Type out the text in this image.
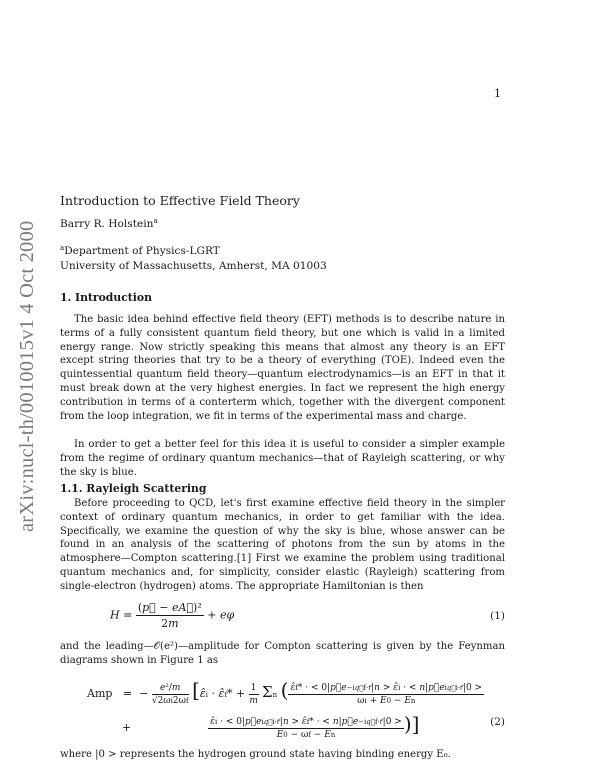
1
arXiv:nucl-th/0010015v1 4 Oct 2000
Introduction to Effective Field Theory
Barry R. Holstein$^a$
$^a$Department of Physics-LGRT
University of Massachusetts, Amherst, MA 01003
1. Introduction

The basic idea behind effective field theory (EFT) methods is to describe nature in terms of a fully consistent quantum field theory, but one which is valid in a limited energy range. Now strictly speaking this means that almost any theory is an EFT except string theories that try to be a theory of everything (TOE). Indeed even the quintessential quantum field theory—quantum electrodynamics—is an EFT in that it must break down at the very highest energies. In fact we represent the high energy contribution in terms of a conterterm which, together with the divergent component from the loop integration, we fit in terms of the experimental mass and charge.

In order to get a better feel for this idea it is useful to consider a simpler example from the regime of ordinary quantum mechanics—that of Rayleigh scattering, or why the sky is blue.

1.1. Rayleigh Scattering

Before proceeding to QCD, let's first examine effective field theory in the simpler context of ordinary quantum mechanics, in order to get familiar with the idea. Specifically, we examine the question of why the sky is blue, whose answer can be found in an analysis of the scattering of photons from the sun by atoms in the atmosphere—Compton scattering.[1] First we examine the problem using traditional quantum mechanics and, for simplicity, consider elastic (Rayleigh) scattering from single-electron (hydrogen) atoms. The appropriate Hamiltonian is then

$H = \frac{\text{(p⃗ − eA⃗)²}}{2m} + e\varphi$	(1)

and the leading—𝒪(e²)—amplitude for Compton scattering is given by the Feynman diagrams shown in Figure 1 as

Amp   =  − $\frac{\text{e²/m}}{√2\omega i2\omega f}$ [ε̂i · ε̂f* + $\frac{1}{m}$ Σn ( $\frac{\text{ε̂f* · < 0|p⃗e−iq⃗f·r⃗|n > ε̂i · < n|p⃗eiq⃗i·r⃗|0 >}}{\omega i + E0 - En}$
+ $\frac{\text{ε̂i · < 0|p⃗eiq⃗i·r⃗|n > ε̂f* · < n|p⃗e−iq⃗f·r⃗|0 >}}{E0 - \omega f - En}$ )]	(2)

where |0 > represents the hydrogen ground state having binding energy E₀.
